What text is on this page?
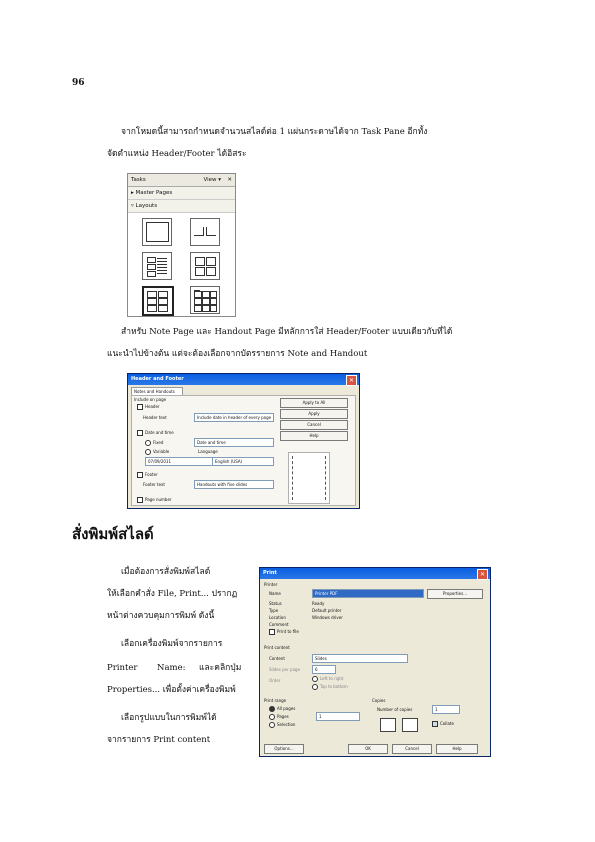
96
จากโหมดนี้สามารถกำหนดจำนวนสไลด์ต่อ 1 แผ่นกระดาษได้จาก Task Pane อีกทั้ง
จัดตำแหน่ง Header/Footer ได้อิสระ
Tasks	View ▾ ✕
▸ Master Pages
▿ Layouts
สำหรับ Note Page และ Handout Page มีหลักการใส่ Header/Footer แบบเดียวกับที่ได้
แนะนำไปข้างต้น แต่จะต้องเลือกจากบัตรรายการ Note and Handout
Header and Footer	✕
Notes and Handouts
Include on page
Header
Header text	Include date in header of every page
Date and time
Fixed	Date and time
Variable	Language
07/09/2011	English (USA)
Footer
Footer text	Handouts with five slides
Page number
Apply to All
Apply
Cancel
Help
สั่งพิมพ์สไลด์
เมื่อต้องการสั่งพิมพ์สไลด์
ให้เลือกคำสั่ง File, Print... ปรากฏ
หน้าต่างควบคุมการพิมพ์ ดังนี้
เลือกเครื่องพิมพ์จากรายการ
Printer Name: และคลิกปุ่ม
Properties... เพื่อตั้งค่าเครื่องพิมพ์
เลือกรูปแบบในการพิมพ์ได้
จากรายการ Print content
Print	✕
Printer
Name	Printer PDF	Properties...
Status	Ready
Type	Default printer
Location	Windows driver
Comment
Print to file
Print content
Content	Slides
Slides per page	6
Order	Left to right
Top to bottom
Print range
All pages
Pages	1
Selection
Copies
Number of copies	1
Collate
Options...	OK	Cancel	Help
